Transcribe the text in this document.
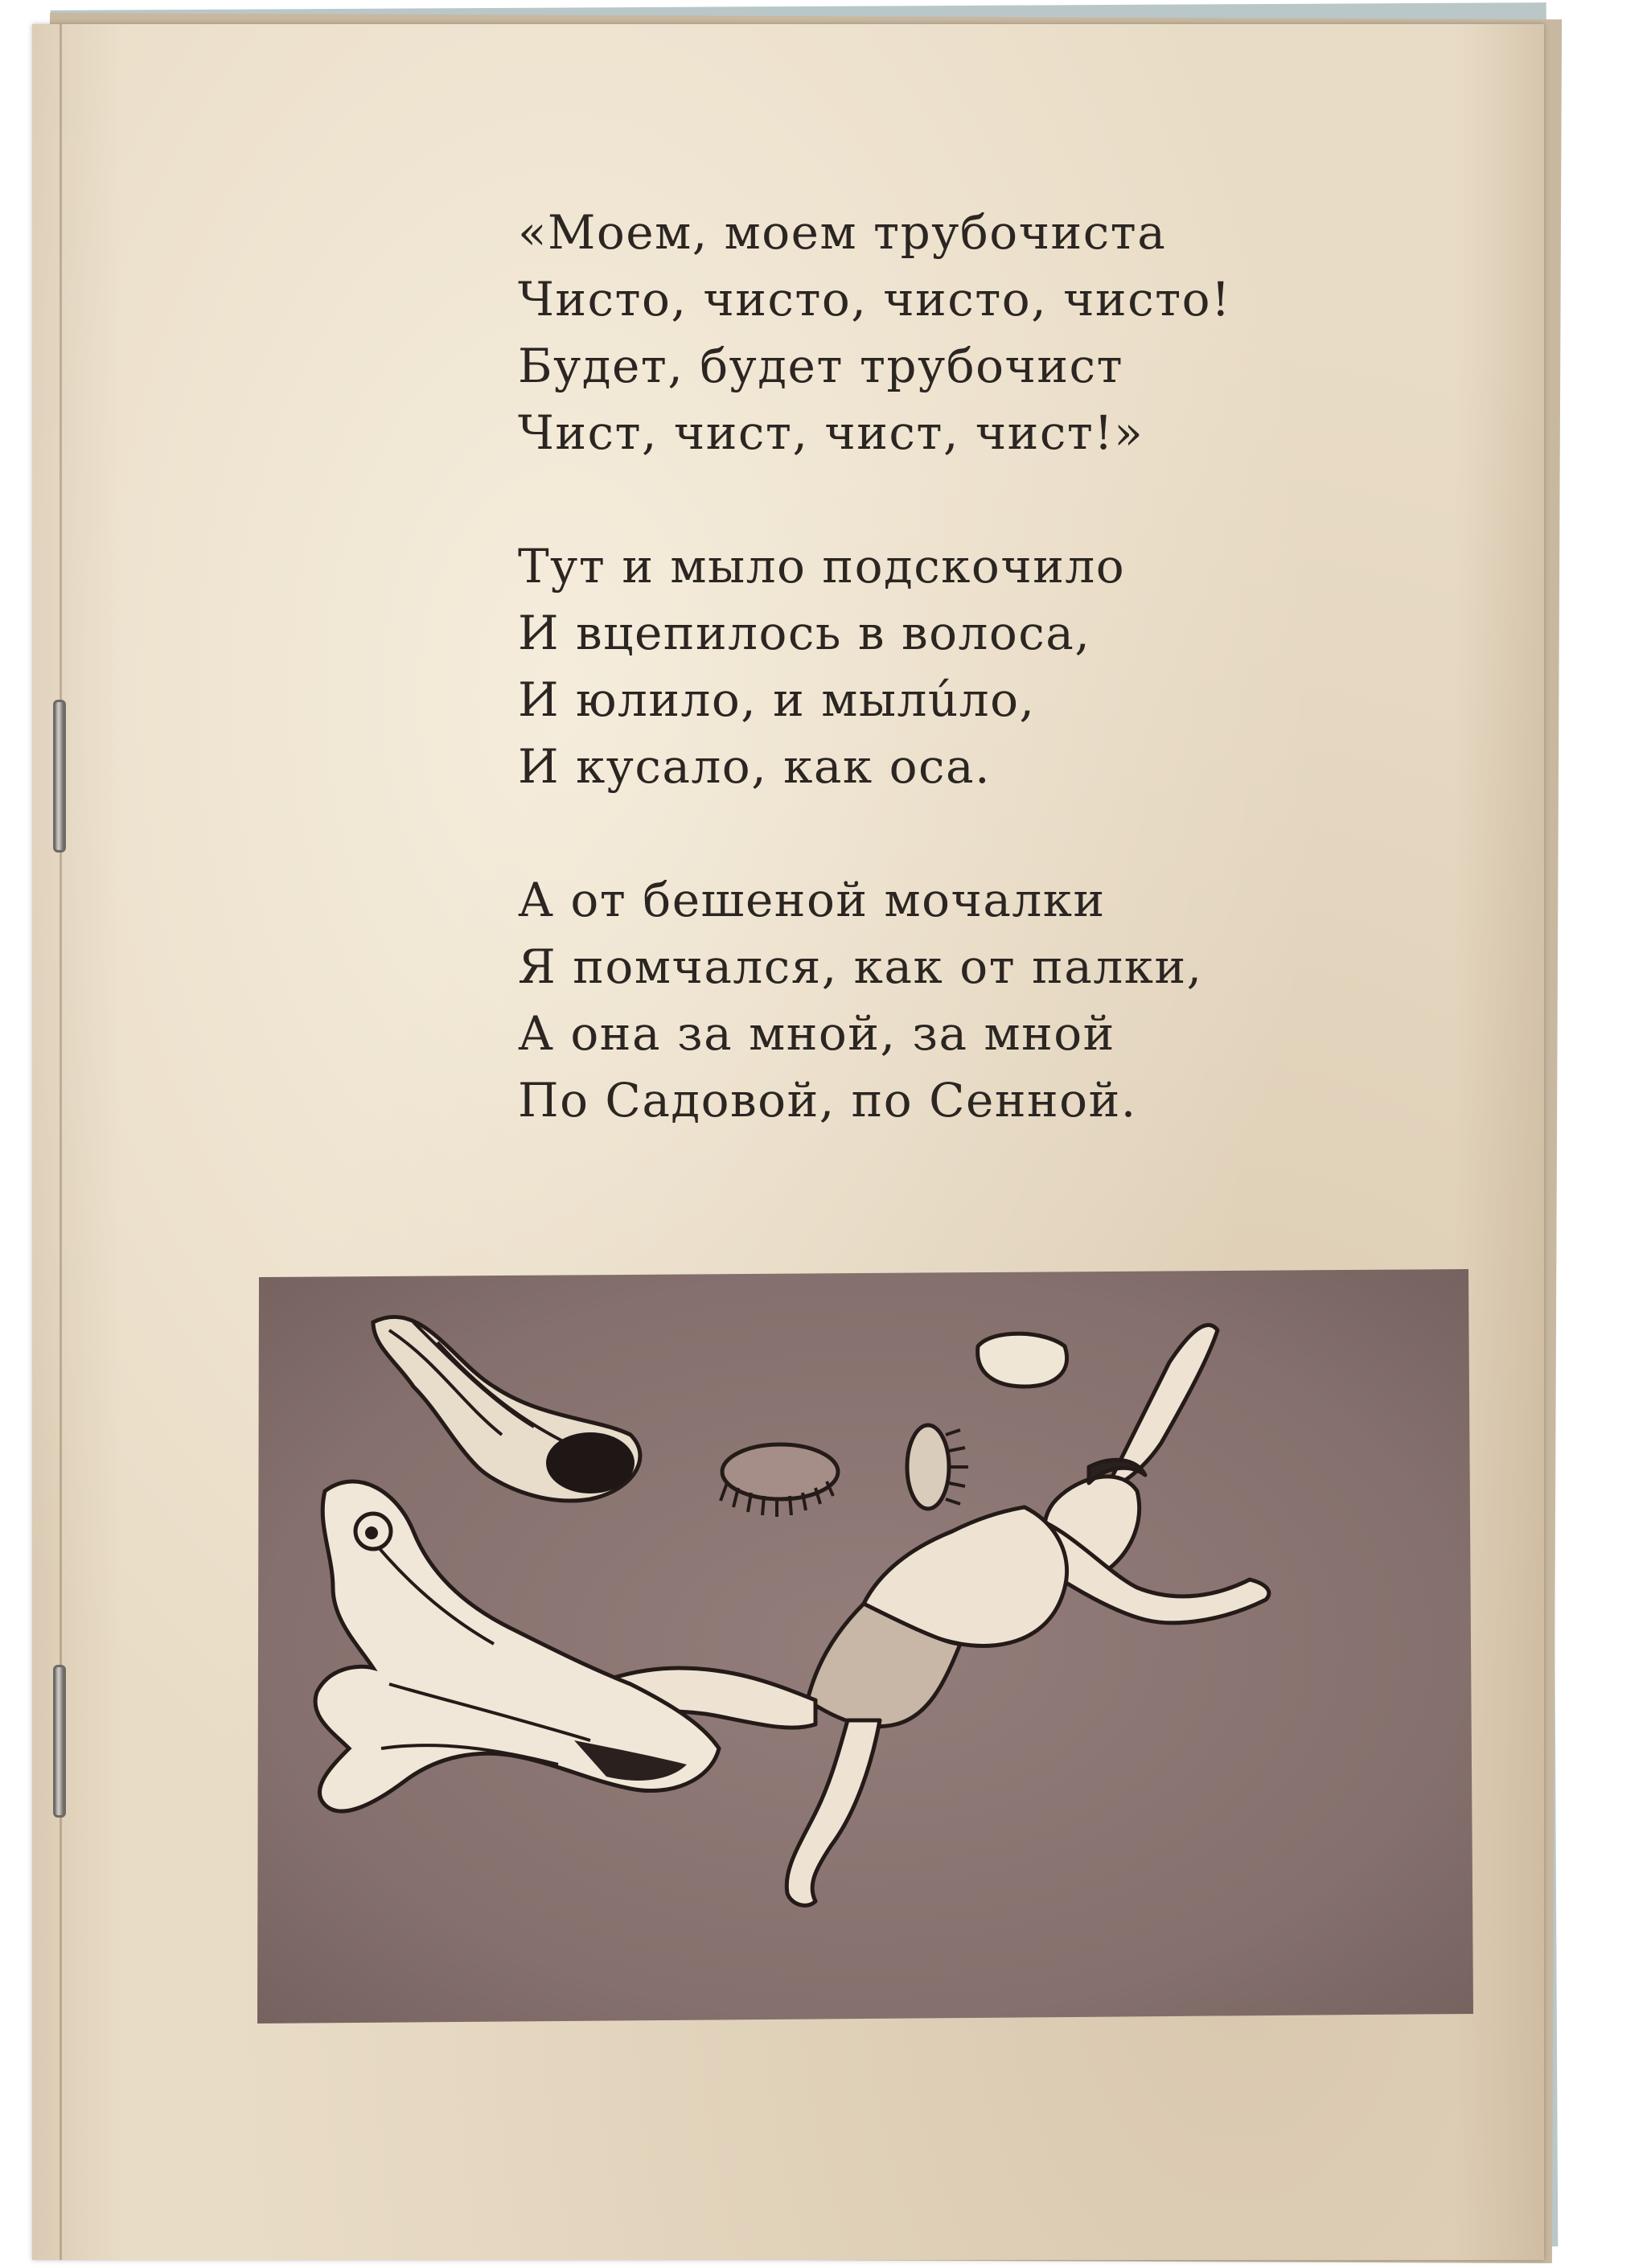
«Моем, моем трубочиста
Чисто, чисто, чисто, чисто!
Будет, будет трубочист
Чист, чист, чист, чист!»
Тут и мыло подскочило
И вцепилось в волоса,
И юлило, и мылúло,
И кусало, как оса.
А от бешеной мочалки
Я помчался, как от палки,
А она за мной, за мной
По Садовой, по Сенной.
